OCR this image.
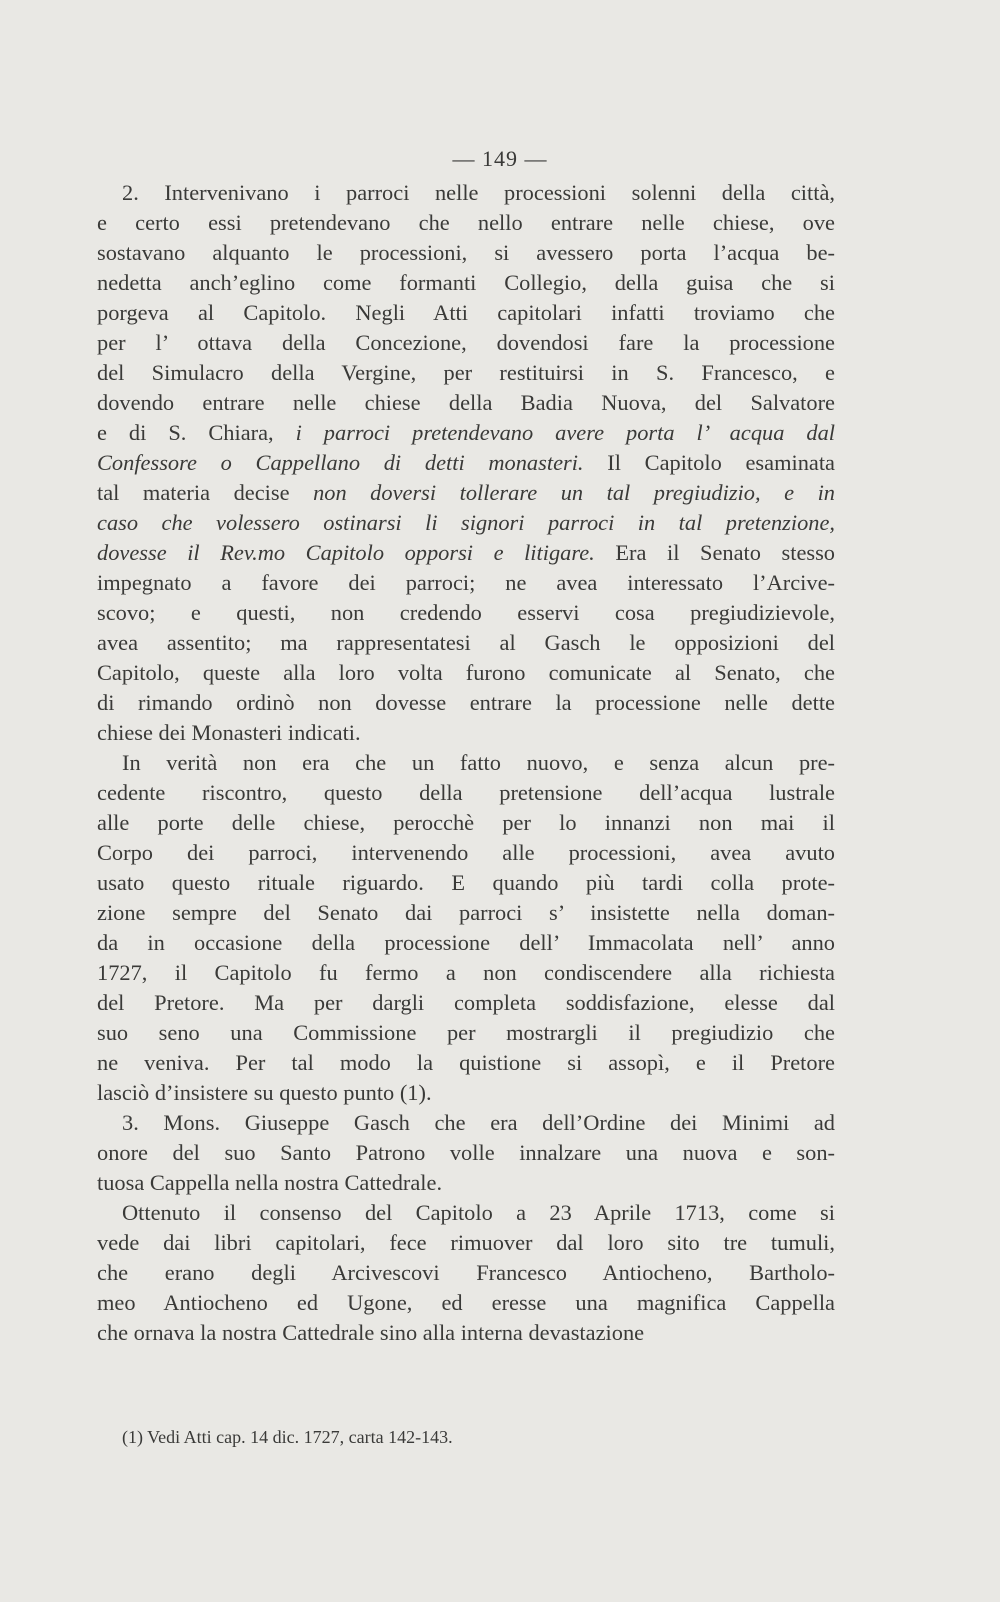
— 149 —
2. Intervenivano i parroci nelle processioni solenni della città,
e certo essi pretendevano che nello entrare nelle chiese, ove
sostavano alquanto le processioni, si avessero porta l’acqua be-
nedetta anch’eglino come formanti Collegio, della guisa che si
porgeva al Capitolo. Negli Atti capitolari infatti troviamo che
per l’ ottava della Concezione, dovendosi fare la processione
del Simulacro della Vergine, per restituirsi in S. Francesco, e
dovendo entrare nelle chiese della Badia Nuova, del Salvatore
e di S. Chiara, i parroci pretendevano avere porta l’ acqua dal
Confessore o Cappellano di detti monasteri. Il Capitolo esaminata
tal materia decise non doversi tollerare un tal pregiudizio, e in
caso che volessero ostinarsi li signori parroci in tal pretenzione,
dovesse il Rev.mo Capitolo opporsi e litigare. Era il Senato stesso
impegnato a favore dei parroci; ne avea interessato l’Arcive-
scovo; e questi, non credendo esservi cosa pregiudizievole,
avea assentito; ma rappresentatesi al Gasch le opposizioni del
Capitolo, queste alla loro volta furono comunicate al Senato, che
di rimando ordinò non dovesse entrare la processione nelle dette
chiese dei Monasteri indicati.
In verità non era che un fatto nuovo, e senza alcun pre-
cedente riscontro, questo della pretensione dell’acqua lustrale
alle porte delle chiese, perocchè per lo innanzi non mai il
Corpo dei parroci, intervenendo alle processioni, avea avuto
usato questo rituale riguardo. E quando più tardi colla prote-
zione sempre del Senato dai parroci s’ insistette nella doman-
da in occasione della processione dell’ Immacolata nell’ anno
1727, il Capitolo fu fermo a non condiscendere alla richiesta
del Pretore. Ma per dargli completa soddisfazione, elesse dal
suo seno una Commissione per mostrargli il pregiudizio che
ne veniva. Per tal modo la quistione si assopì, e il Pretore
lasciò d’insistere su questo punto (1).
3. Mons. Giuseppe Gasch che era dell’Ordine dei Minimi ad
onore del suo Santo Patrono volle innalzare una nuova e son-
tuosa Cappella nella nostra Cattedrale.
Ottenuto il consenso del Capitolo a 23 Aprile 1713, come si
vede dai libri capitolari, fece rimuover dal loro sito tre tumuli,
che erano degli Arcivescovi Francesco Antiocheno, Bartholo-
meo Antiocheno ed Ugone, ed eresse una magnifica Cappella
che ornava la nostra Cattedrale sino alla interna devastazione
(1) Vedi Atti cap. 14 dic. 1727, carta 142-143.
